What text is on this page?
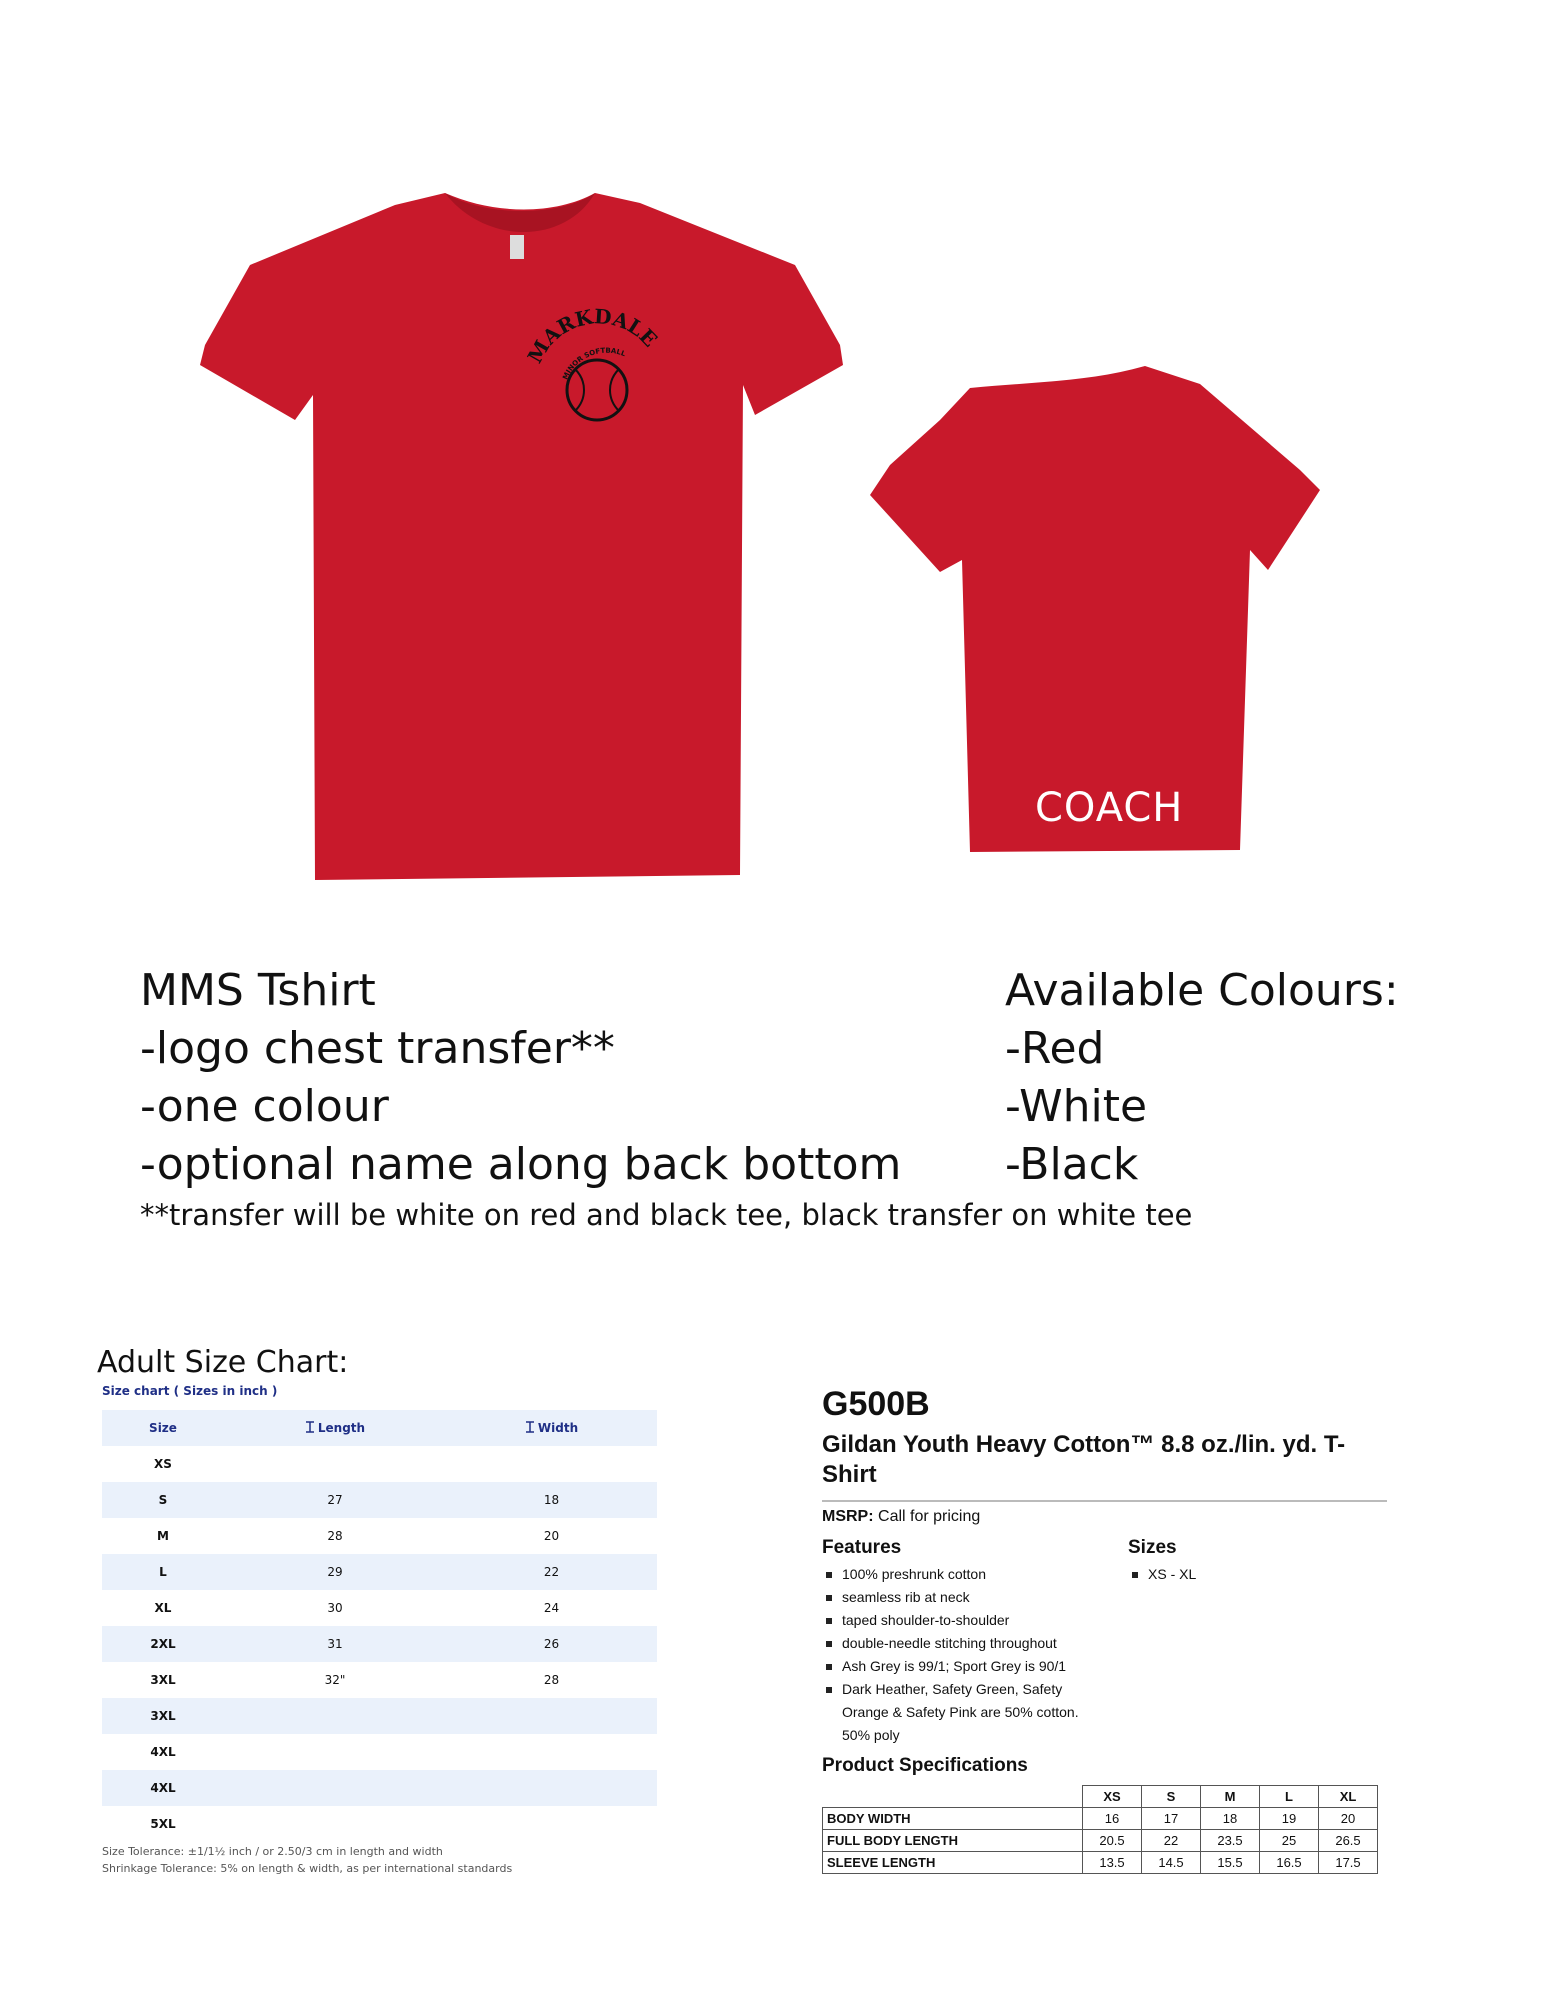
MARKDALE
MINOR SOFTBALL
COACH
MMS Tshirt
-logo chest transfer**
-one colour
-optional name along back bottom
Available Colours:
-Red
-White
-Black
**transfer will be white on red and black tee, black transfer on white tee
Adult Size Chart:
Size chart ( Sizes in inch )
Size	Length	Width
XS		
S	27	18
M	28	20
L	29	22
XL	30	24
2XL	31	26
3XL	32"	28
3XL		
4XL		
4XL		
5XL		
Size Tolerance: ±1/1½ inch / or 2.50/3 cm in length and width
Shrinkage Tolerance: 5% on length & width, as per international standards
G500B
Gildan Youth Heavy Cotton™ 8.8 oz./lin. yd. T-Shirt
MSRP: Call for pricing
Features
100% preshrunk cotton
seamless rib at neck
taped shoulder-to-shoulder
double-needle stitching throughout
Ash Grey is 99/1; Sport Grey is 90/1
Dark Heather, Safety Green, Safety Orange & Safety Pink are 50% cotton. 50% poly
Sizes
XS - XL
Product Specifications
	XS	S	M	L	XL
BODY WIDTH	16	17	18	19	20
FULL BODY LENGTH	20.5	22	23.5	25	26.5
SLEEVE LENGTH	13.5	14.5	15.5	16.5	17.5
